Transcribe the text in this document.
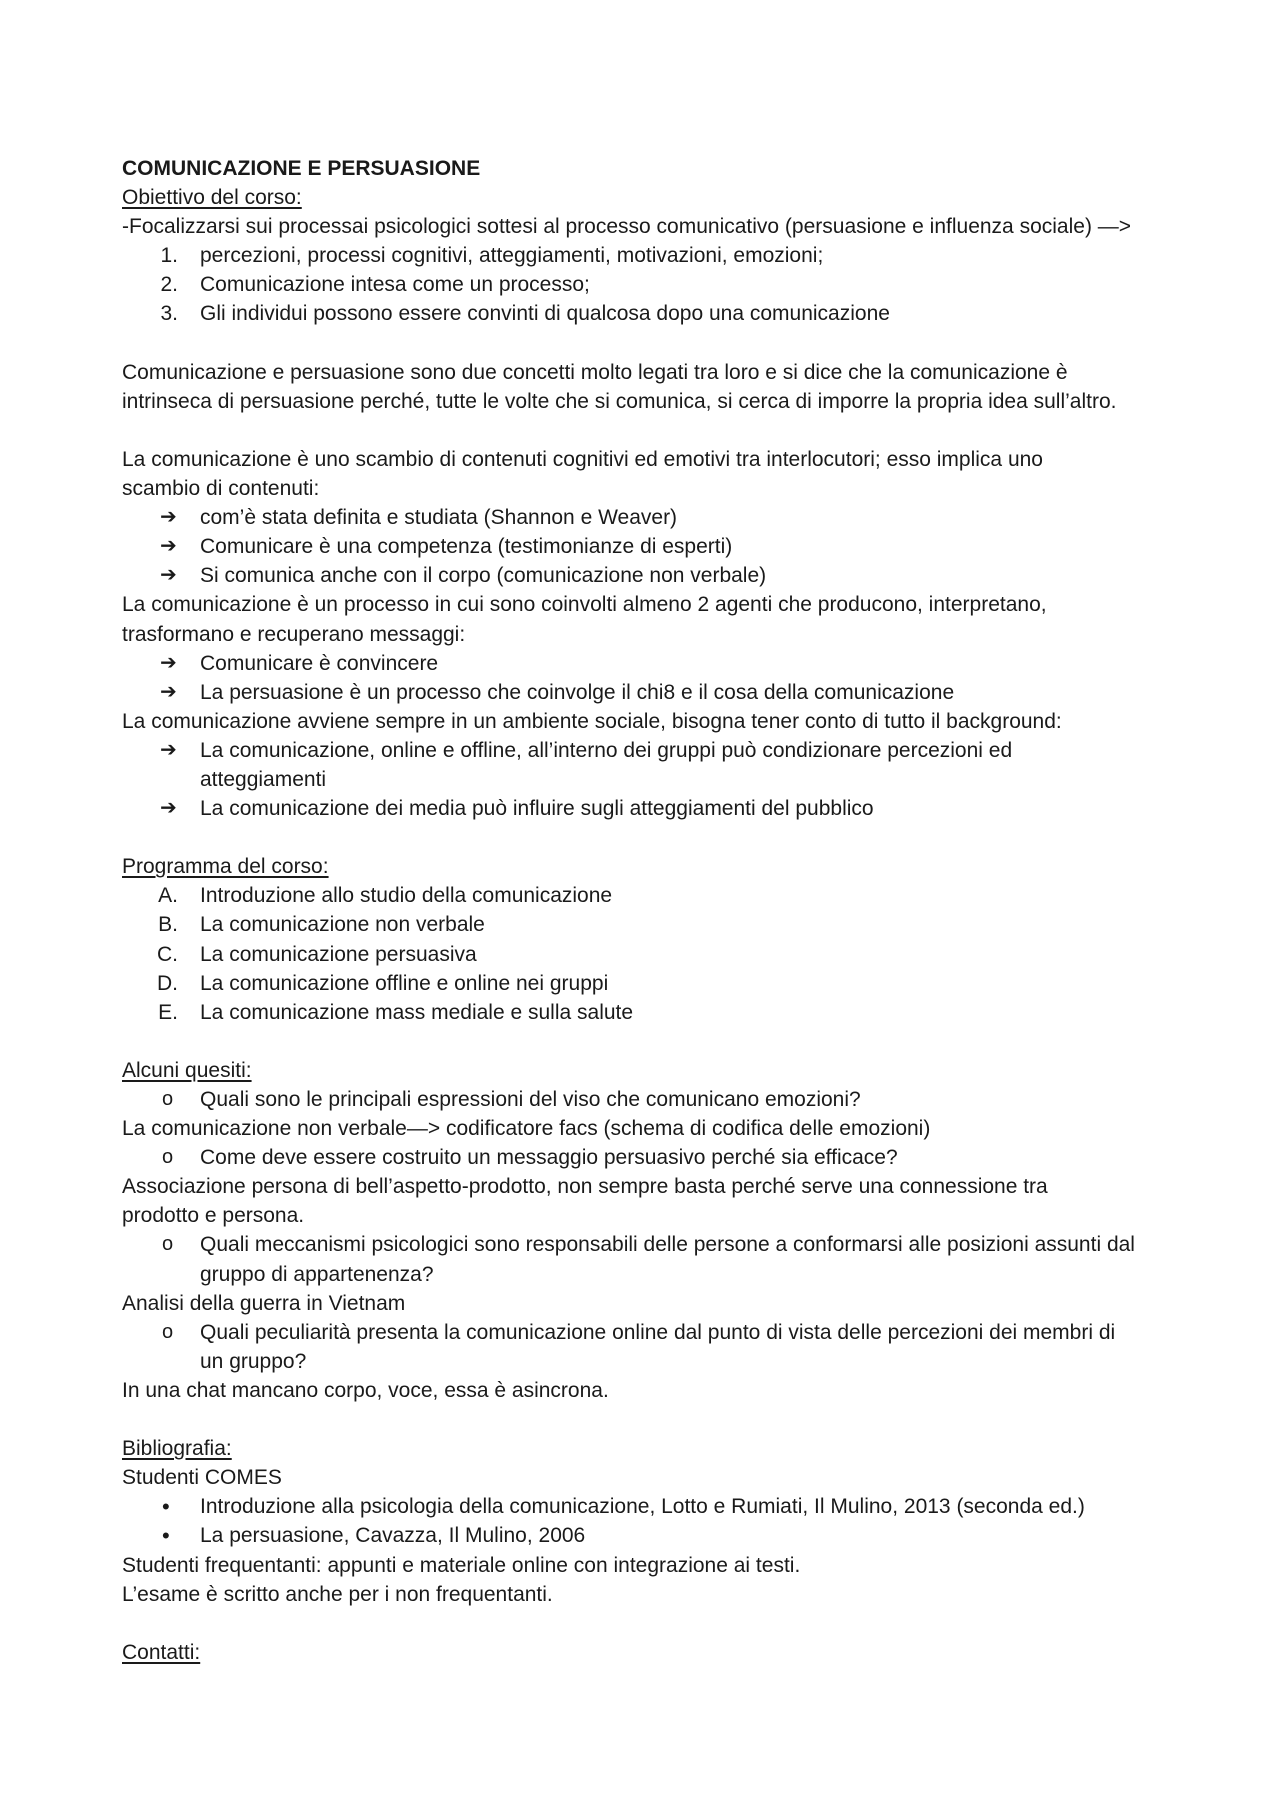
COMUNICAZIONE E PERSUASIONE
Obiettivo del corso:
-Focalizzarsi sui processai psicologici sottesi al processo comunicativo (persuasione e influenza sociale) —>
1. percezioni, processi cognitivi, atteggiamenti, motivazioni, emozioni;
2. Comunicazione intesa come un processo;
3. Gli individui possono essere convinti di qualcosa dopo una comunicazione
Comunicazione e persuasione sono due concetti molto legati tra loro e si dice che la comunicazione è
intrinseca di persuasione perché, tutte le volte che si comunica, si cerca di imporre la propria idea sull’altro.
La comunicazione è uno scambio di contenuti cognitivi ed emotivi tra interlocutori; esso implica uno
scambio di contenuti:
➔ com’è stata definita e studiata (Shannon e Weaver)
➔ Comunicare è una competenza (testimonianze di esperti)
➔ Si comunica anche con il corpo (comunicazione non verbale)
La comunicazione è un processo in cui sono coinvolti almeno 2 agenti che producono, interpretano,
trasformano e recuperano messaggi:
➔ Comunicare è convincere
➔ La persuasione è un processo che coinvolge il chi8 e il cosa della comunicazione
La comunicazione avviene sempre in un ambiente sociale, bisogna tener conto di tutto il background:
➔ La comunicazione, online e offline, all’interno dei gruppi può condizionare percezioni ed
atteggiamenti
➔ La comunicazione dei media può influire sugli atteggiamenti del pubblico
Programma del corso:
A. Introduzione allo studio della comunicazione
B. La comunicazione non verbale
C. La comunicazione persuasiva
D. La comunicazione offline e online nei gruppi
E. La comunicazione mass mediale e sulla salute
Alcuni quesiti:
o	Quali sono le principali espressioni del viso che comunicano emozioni?
La comunicazione non verbale—> codificatore facs (schema di codifica delle emozioni)
o	Come deve essere costruito un messaggio persuasivo perché sia efficace?
Associazione persona di bell’aspetto-prodotto, non sempre basta perché serve una connessione tra
prodotto e persona.
o	Quali meccanismi psicologici sono responsabili delle persone a conformarsi alle posizioni assunti dal
gruppo di appartenenza?
Analisi della guerra in Vietnam
o	Quali peculiarità presenta la comunicazione online dal punto di vista delle percezioni dei membri di
un gruppo?
In una chat mancano corpo, voce, essa è asincrona.
Bibliografia:
Studenti COMES
•	Introduzione alla psicologia della comunicazione, Lotto e Rumiati, Il Mulino, 2013 (seconda ed.)
•	La persuasione, Cavazza, Il Mulino, 2006
Studenti frequentanti: appunti e materiale online con integrazione ai testi.
L’esame è scritto anche per i non frequentanti.
Contatti:
